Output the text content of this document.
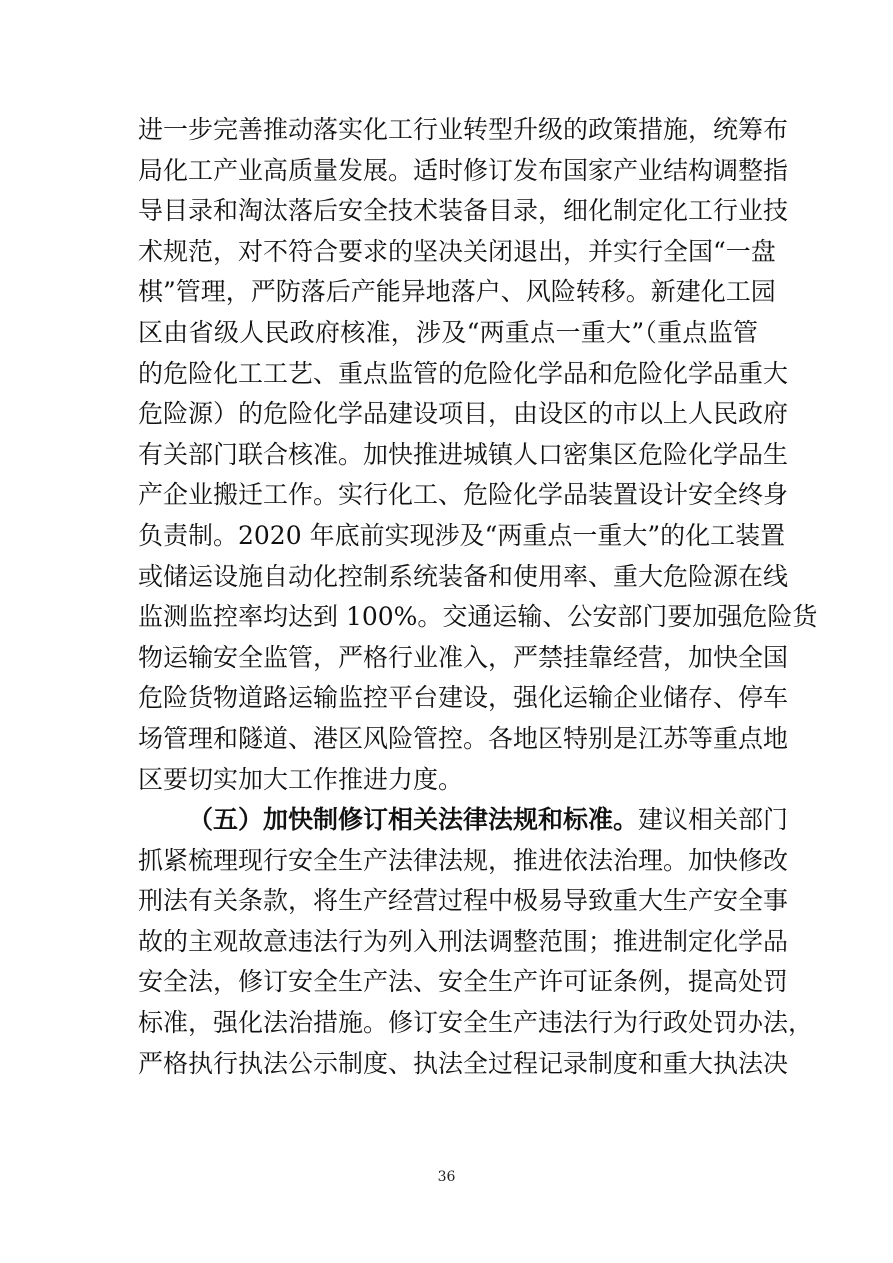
进一步完善推动落实化工行业转型升级的政策措施，统筹布
局化工产业高质量发展。适时修订发布国家产业结构调整指
导目录和淘汰落后安全技术装备目录，细化制定化工行业技
术规范，对不符合要求的坚决关闭退出，并实行全国“一盘
棋”管理，严防落后产能异地落户、风险转移。新建化工园
区由省级人民政府核准，涉及“两重点一重大”（重点监管
的危险化工工艺、重点监管的危险化学品和危险化学品重大
危险源）的危险化学品建设项目，由设区的市以上人民政府
有关部门联合核准。加快推进城镇人口密集区危险化学品生
产企业搬迁工作。实行化工、危险化学品装置设计安全终身
负责制。2020 年底前实现涉及“两重点一重大”的化工装置
或储运设施自动化控制系统装备和使用率、重大危险源在线
监测监控率均达到 100%。交通运输、公安部门要加强危险货
物运输安全监管，严格行业准入，严禁挂靠经营，加快全国
危险货物道路运输监控平台建设，强化运输企业储存、停车
场管理和隧道、港区风险管控。各地区特别是江苏等重点地
区要切实加大工作推进力度。
（五）加快制修订相关法律法规和标准。建议相关部门
抓紧梳理现行安全生产法律法规，推进依法治理。加快修改
刑法有关条款，将生产经营过程中极易导致重大生产安全事
故的主观故意违法行为列入刑法调整范围；推进制定化学品
安全法，修订安全生产法、安全生产许可证条例，提高处罚
标准，强化法治措施。修订安全生产违法行为行政处罚办法，
严格执行执法公示制度、执法全过程记录制度和重大执法决
36
